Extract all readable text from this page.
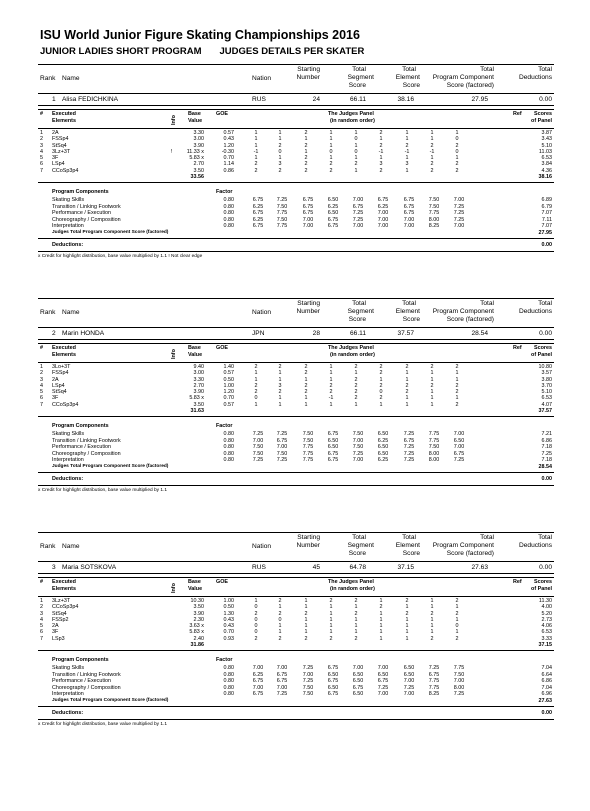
ISU World Junior Figure Skating Championships 2016
JUNIOR LADIES SHORT PROGRAM JUDGES DETAILS PER SKATER
Rank Name	Nation
Starting
Number
Total
Segment
Score
Total
Element
Score
Total
Program Component
Score (factored)
Total
Deductions
1 Alisa FEDICHKINA	RUS	24	66.11	38.16	27.95	0.00
# Executed
Elements
Base
Value
GOE	The Judges Panel
(in random order)
Ref Scores
of Panel
Info
1 2A	3.30	0.57	1	1	2	1	1	2	1	1	1	3.87
2 FSSp4	3.00	0.43	1	1	1	1	0	1	1	1	0	3.43
3 StSq4	3.90	1.20	1	2	2	1	1	2	2	2	2	5.10
4 3Lz+3T	!	11.33 x	-0.30	-1	0	1	0	0	-1	-1	-1	0	11.03
5 3F	5.83 x	0.70	1	1	2	1	1	1	1	1	1	6.53
6 LSp4	2.70	1.14	2	3	2	2	2	3	3	2	2	3.84
7 CCoSp3p4	3.50	0.86	2	2	2	2	1	2	1	2	2	4.36
33.56	38.16
Program Components	Factor
Skating Skills	0.80	6.75	7.25	6.75	6.50	7.00	6.75	6.75	7.50	7.00	6.89
Transition / Linking Footwork	0.80	6.25	7.50	6.75	6.25	6.75	6.25	6.75	7.50	7.25	6.79
Performance / Execution	0.80	6.75	7.75	6.75	6.50	7.25	7.00	6.75	7.75	7.25	7.07
Choreography / Composition	0.80	6.25	7.50	7.00	6.75	7.25	7.00	7.00	8.00	7.25	7.11
Interpretation	0.80	6.75	7.75	7.00	6.75	7.00	7.00	7.00	8.25	7.00	7.07
Judges Total Program Component Score (factored)	27.95
Deductions:	0.00
x Credit for highlight distribution, base value multiplied by 1.1 ! Not clear edge
Rank Name	Nation
Starting
Number
Total
Segment
Score
Total
Element
Score
Total
Program Component
Score (factored)
Total
Deductions
2 Marin HONDA	JPN	28	66.11	37.57	28.54	0.00
# Executed
Elements
Base
Value
GOE	The Judges Panel
(in random order)
Ref Scores
of Panel
Info
1 3Lo+3T	9.40	1.40	2	2	2	1	2	2	2	2	2	10.80
2 FSSp4	3.00	0.57	1	1	2	1	1	2	1	1	1	3.57
3 2A	3.30	0.50	1	1	1	1	2	1	1	1	1	3.80
4 LSp4	2.70	1.00	2	3	2	2	2	2	2	2	2	3.70
5 StSq4	3.90	1.20	2	2	2	2	2	0	2	1	2	5.10
6 3F	5.83 x	0.70	0	1	1	-1	2	2	1	1	1	6.53
7 CCoSp3p4	3.50	0.57	1	1	1	1	1	1	1	1	2	4.07
31.63	37.57
Program Components	Factor
Skating Skills	0.80	7.25	7.25	7.50	6.75	7.50	6.50	7.25	7.75	7.00	7.21
Transition / Linking Footwork	0.80	7.00	6.75	7.50	6.50	7.00	6.25	6.75	7.75	6.50	6.86
Performance / Execution	0.80	7.50	7.00	7.75	6.50	7.50	6.50	7.25	7.50	7.00	7.18
Choreography / Composition	0.80	7.50	7.50	7.75	6.75	7.25	6.50	7.25	8.00	6.75	7.25
Interpretation	0.80	7.25	7.25	7.75	6.75	7.00	6.25	7.25	8.00	7.25	7.18
Judges Total Program Component Score (factored)	28.54
Deductions:	0.00
x Credit for highlight distribution, base value multiplied by 1.1
Rank Name	Nation
Starting
Number
Total
Segment
Score
Total
Element
Score
Total
Program Component
Score (factored)
Total
Deductions
3 Maria SOTSKOVA	RUS	45	64.78	37.15	27.63	0.00
# Executed
Elements
Base
Value
GOE	The Judges Panel
(in random order)
Ref Scores
of Panel
Info
1 3Lz+3T	10.30	1.00	1	2	1	2	2	1	2	1	2	11.30
2 CCoSp3p4	3.50	0.50	0	1	1	1	1	2	1	1	1	4.00
3 StSq4	3.90	1.30	2	2	2	1	2	1	2	2	2	5.20
4 FSSp2	2.30	0.43	0	0	1	1	1	1	1	1	1	2.73
5 2A	3.63 x	0.43	0	1	1	1	1	1	1	1	0	4.06
6 3F	5.83 x	0.70	0	1	1	1	1	1	1	1	1	6.53
7 LSp3	2.40	0.93	2	2	2	2	2	1	1	2	2	3.33
31.86	37.15
Program Components	Factor
Skating Skills	0.80	7.00	7.00	7.25	6.75	7.00	7.00	6.50	7.25	7.75	7.04
Transition / Linking Footwork	0.80	6.25	6.75	7.00	6.50	6.50	6.50	6.50	6.75	7.50	6.64
Performance / Execution	0.80	6.75	6.75	7.25	6.75	6.50	6.75	7.00	7.75	7.00	6.86
Choreography / Composition	0.80	7.00	7.00	7.50	6.50	6.75	7.25	7.25	7.75	8.00	7.04
Interpretation	0.80	6.75	7.25	7.50	6.75	6.50	7.00	7.00	8.25	7.25	6.96
Judges Total Program Component Score (factored)	27.63
Deductions:	0.00
x Credit for highlight distribution, base value multiplied by 1.1
